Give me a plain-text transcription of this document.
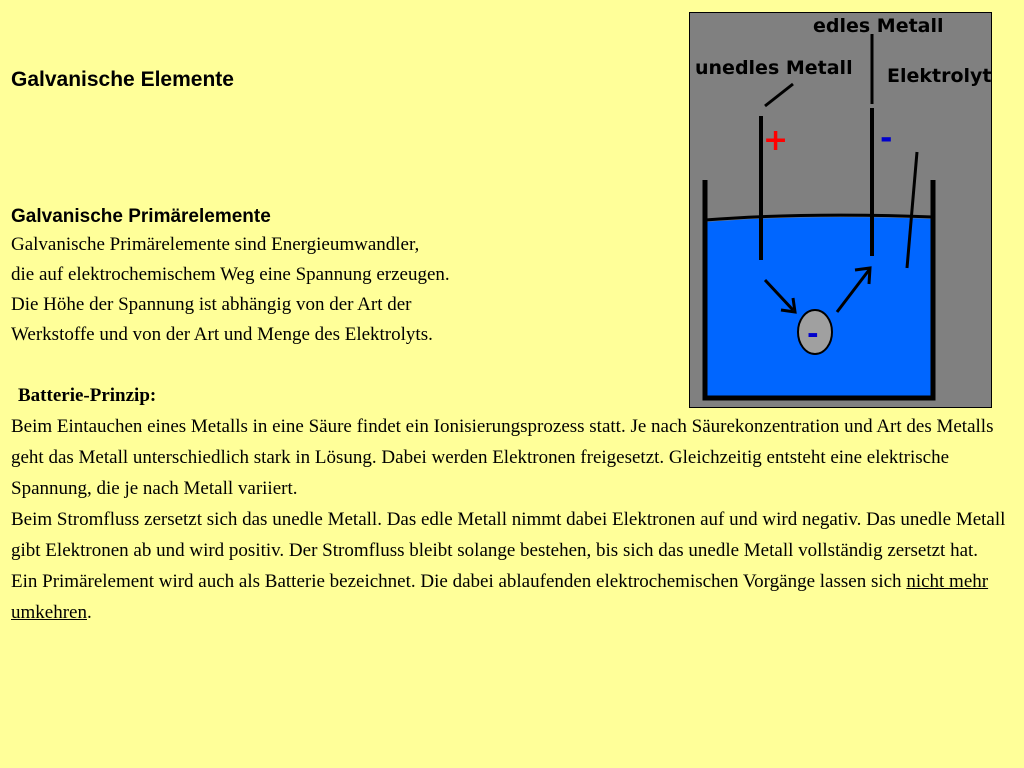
Galvanische Elemente
Galvanische Primärelemente
Galvanische Primärelemente sind Energieumwandler,
die auf elektrochemischem Weg eine Spannung erzeugen.
Die Höhe der Spannung ist abhängig von der Art der
Werkstoffe und von der Art und Menge des Elektrolyts.
edles Metall
unedles Metall Elektrolyt
+	-
-
Batterie-Prinzip:

Beim Eintauchen eines Metalls in eine Säure findet ein Ionisierungsprozess statt. Je nach Säurekonzentration und Art des Metalls geht das Metall unterschiedlich stark in Lösung. Dabei werden Elektronen freigesetzt. Gleichzeitig entsteht eine elektrische Spannung, die je nach Metall variiert.

Beim Stromfluss zersetzt sich das unedle Metall. Das edle Metall nimmt dabei Elektronen auf und wird negativ. Das unedle Metall gibt Elektronen ab und wird positiv. Der Stromfluss bleibt solange bestehen, bis sich das unedle Metall vollständig zersetzt hat.

Ein Primärelement wird auch als Batterie bezeichnet. Die dabei ablaufenden elektrochemischen Vorgänge lassen sich nicht mehr umkehren.
